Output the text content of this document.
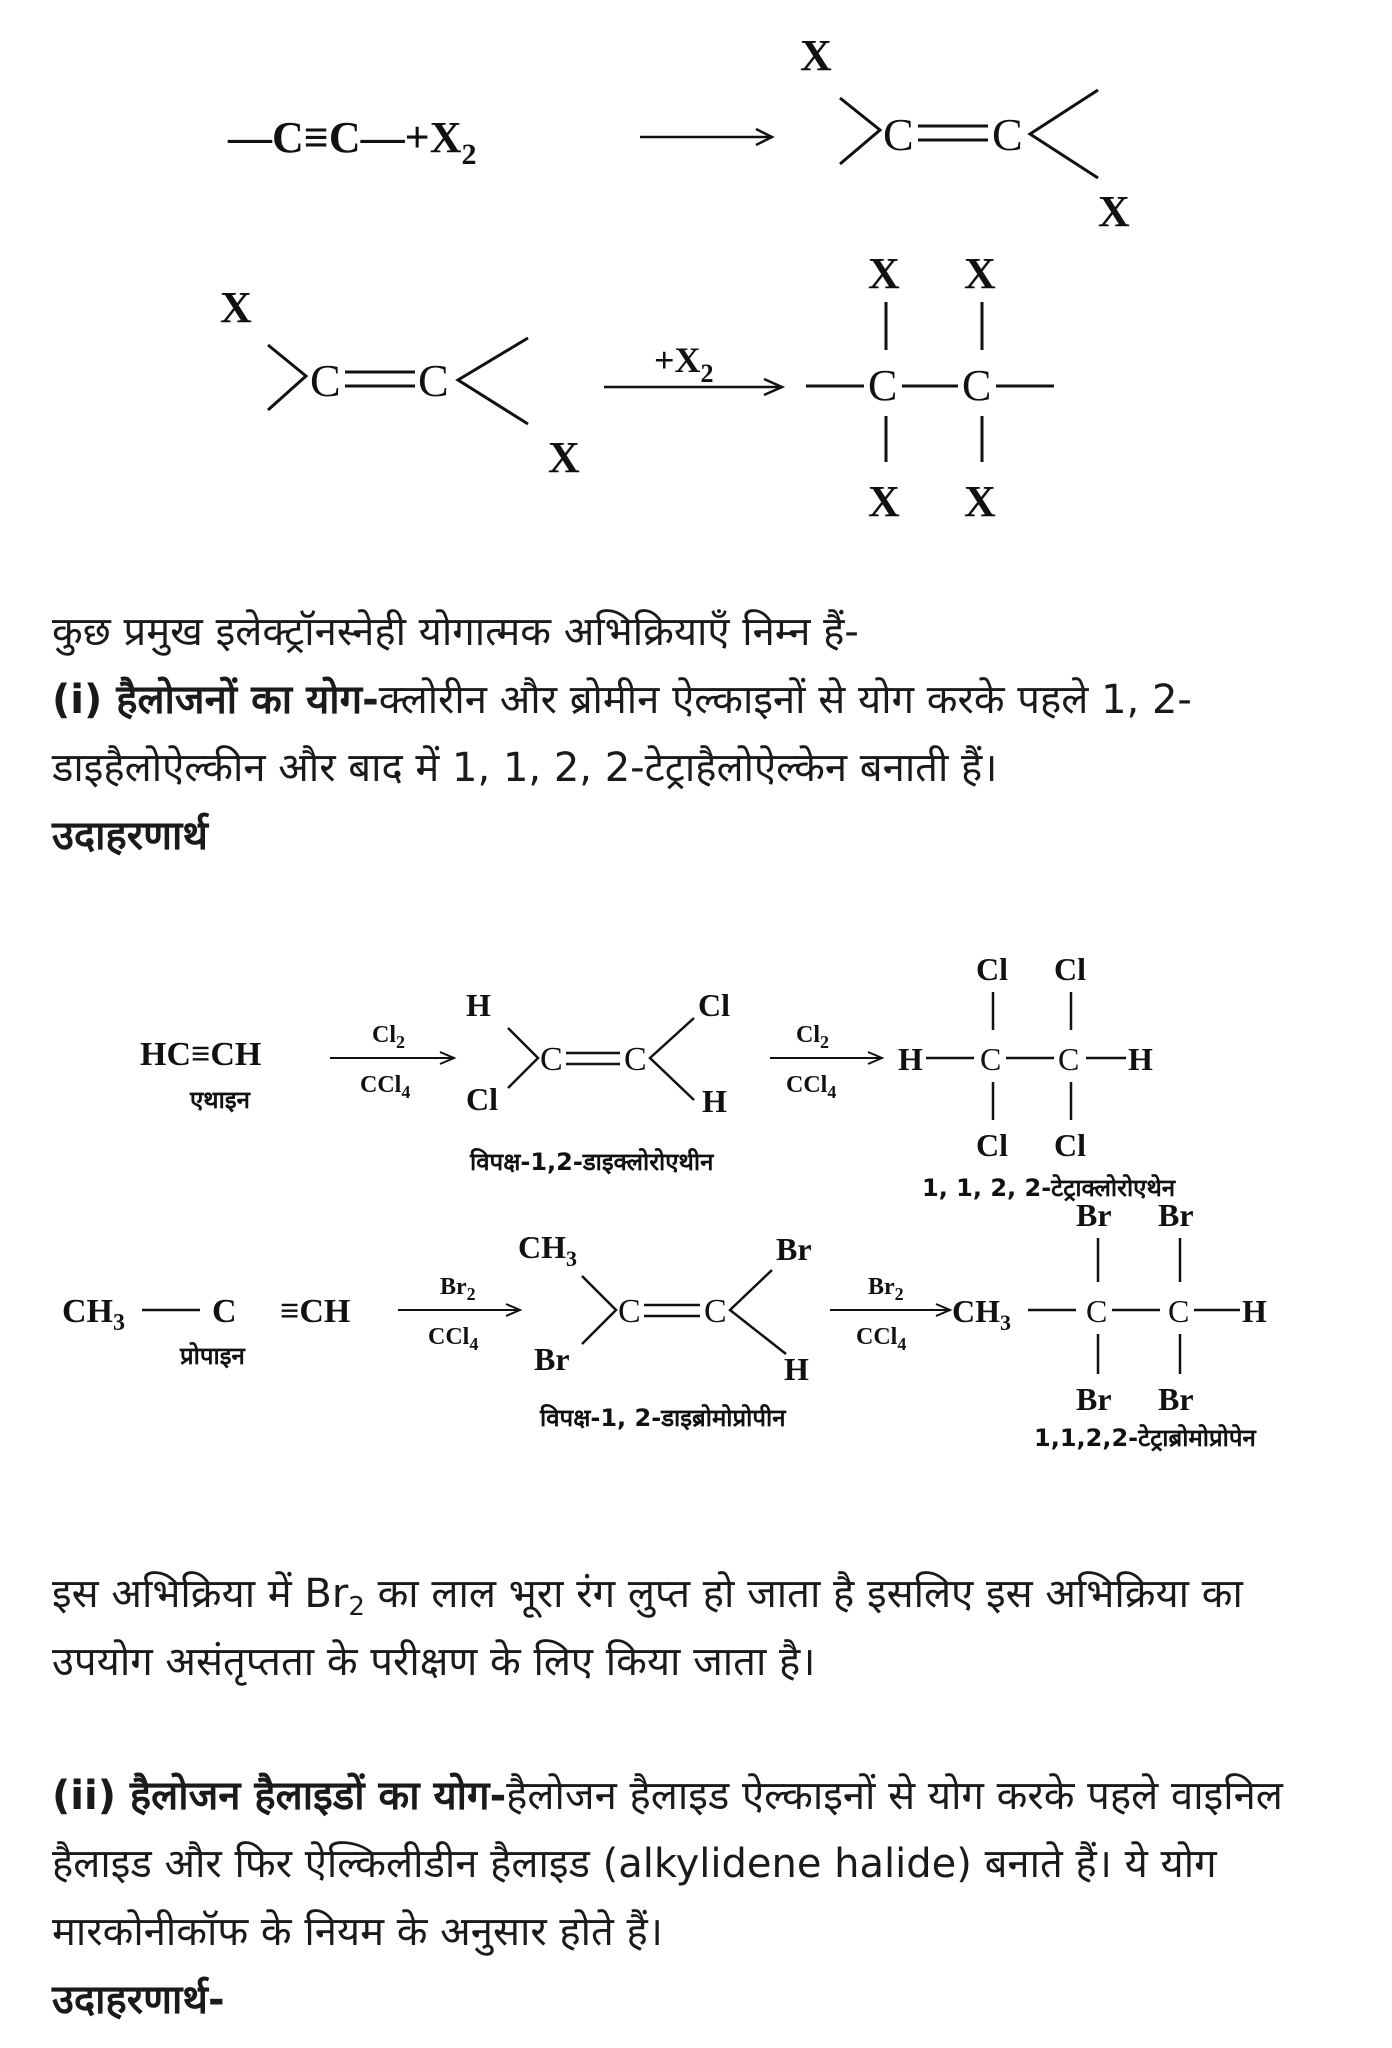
$—C\equiv C—+X_2$
X
C C
X
X
C C
X
$+X_2$
X X
C C
X X

कुछ प्रमुख इलेक्ट्रॉनस्नेही योगात्मक अभिक्रियाएँ निम्न हैं-
(i) हैलोजनों का योग-क्लोरीन और ब्रोमीन ऐल्काइनों से योग करके पहले 1, 2-डाइहैलोऐल्कीन और बाद में 1, 1, 2, 2-टेट्राहैलोऐल्केन बनाती हैं।
उदाहरणार्थ

HC≡CH
एथाइन
$Cl_2$
CCl$_4$
H
Cl
C C
Cl
H
विपक्ष-1,2-डाइक्लोरोएथीन
$Cl_2$
CCl$_4$
Cl Cl
H C C H
Cl Cl
1, 1, 2, 2-टेट्राक्लोरोएथेन
$CH_3$	C ≡CH
प्रोपाइन
$Br_2$
CCl$_4$
$CH_3$
Br
C C
Br
H
विपक्ष-1, 2-डाइब्रोमोप्रोपीन
$Br_2$
CCl$_4$
Br Br
$CH_3$ C C H
Br Br
1,1,2,2-टेट्राब्रोमोप्रोपेन

इस अभिक्रिया में $Br_2$ का लाल भूरा रंग लुप्त हो जाता है इसलिए इस अभिक्रिया का उपयोग असंतृप्तता के परीक्षण के लिए किया जाता है।

(ii) हैलोजन हैलाइडों का योग-हैलोजन हैलाइड ऐल्काइनों से योग करके पहले वाइनिल हैलाइड और फिर ऐल्किलीडीन हैलाइड (alkylidene halide) बनाते हैं। ये योग मारकोनीकॉफ के नियम के अनुसार होते हैं।
उदाहरणार्थ-
